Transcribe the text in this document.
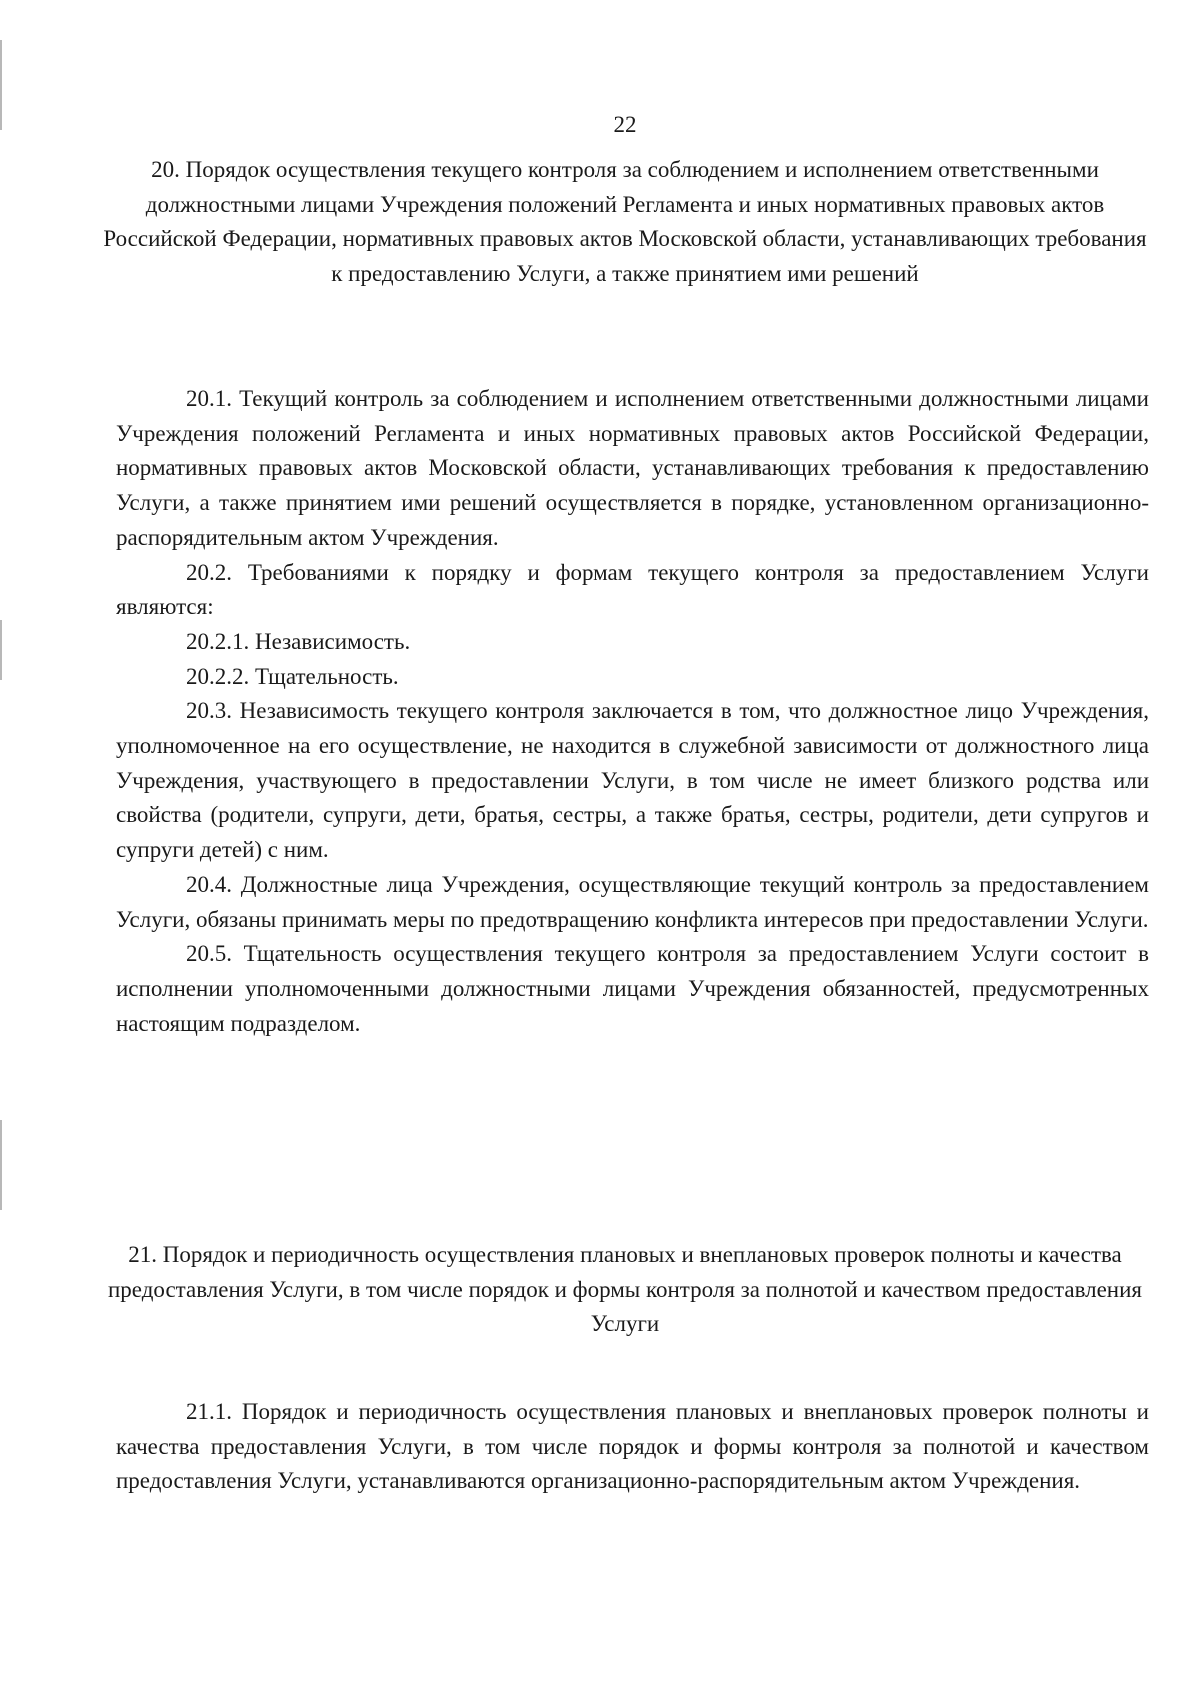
22
20. Порядок осуществления текущего контроля за соблюдением и исполнением ответственными должностными лицами Учреждения положений Регламента и иных нормативных правовых актов Российской Федерации, нормативных правовых актов Московской области, устанавливающих требования к предоставлению Услуги, а также принятием ими решений

20.1. Текущий контроль за соблюдением и исполнением ответственными должностными лицами Учреждения положений Регламента и иных нормативных правовых актов Российской Федерации, нормативных правовых актов Московской области, устанавливающих требования к предоставлению Услуги, а также принятием ими решений осуществляется в порядке, установленном организационно-распорядительным актом Учреждения.

20.2. Требованиями к порядку и формам текущего контроля за предоставлением Услуги являются:

20.2.1. Независимость.

20.2.2. Тщательность.

20.3. Независимость текущего контроля заключается в том, что должностное лицо Учреждения, уполномоченное на его осуществление, не находится в служебной зависимости от должностного лица Учреждения, участвующего в предоставлении Услуги, в том числе не имеет близкого родства или свойства (родители, супруги, дети, братья, сестры, а также братья, сестры, родители, дети супругов и супруги детей) с ним.

20.4. Должностные лица Учреждения, осуществляющие текущий контроль за предоставлением Услуги, обязаны принимать меры по предотвращению конфликта интересов при предоставлении Услуги.

20.5. Тщательность осуществления текущего контроля за предоставлением Услуги состоит в исполнении уполномоченными должностными лицами Учреждения обязанностей, предусмотренных настоящим подразделом.

21. Порядок и периодичность осуществления плановых и внеплановых проверок полноты и качества предоставления Услуги, в том числе порядок и формы контроля за полнотой и качеством предоставления Услуги

21.1. Порядок и периодичность осуществления плановых и внеплановых проверок полноты и качества предоставления Услуги, в том числе порядок и формы контроля за полнотой и качеством предоставления Услуги, устанавливаются организационно-распорядительным актом Учреждения.
